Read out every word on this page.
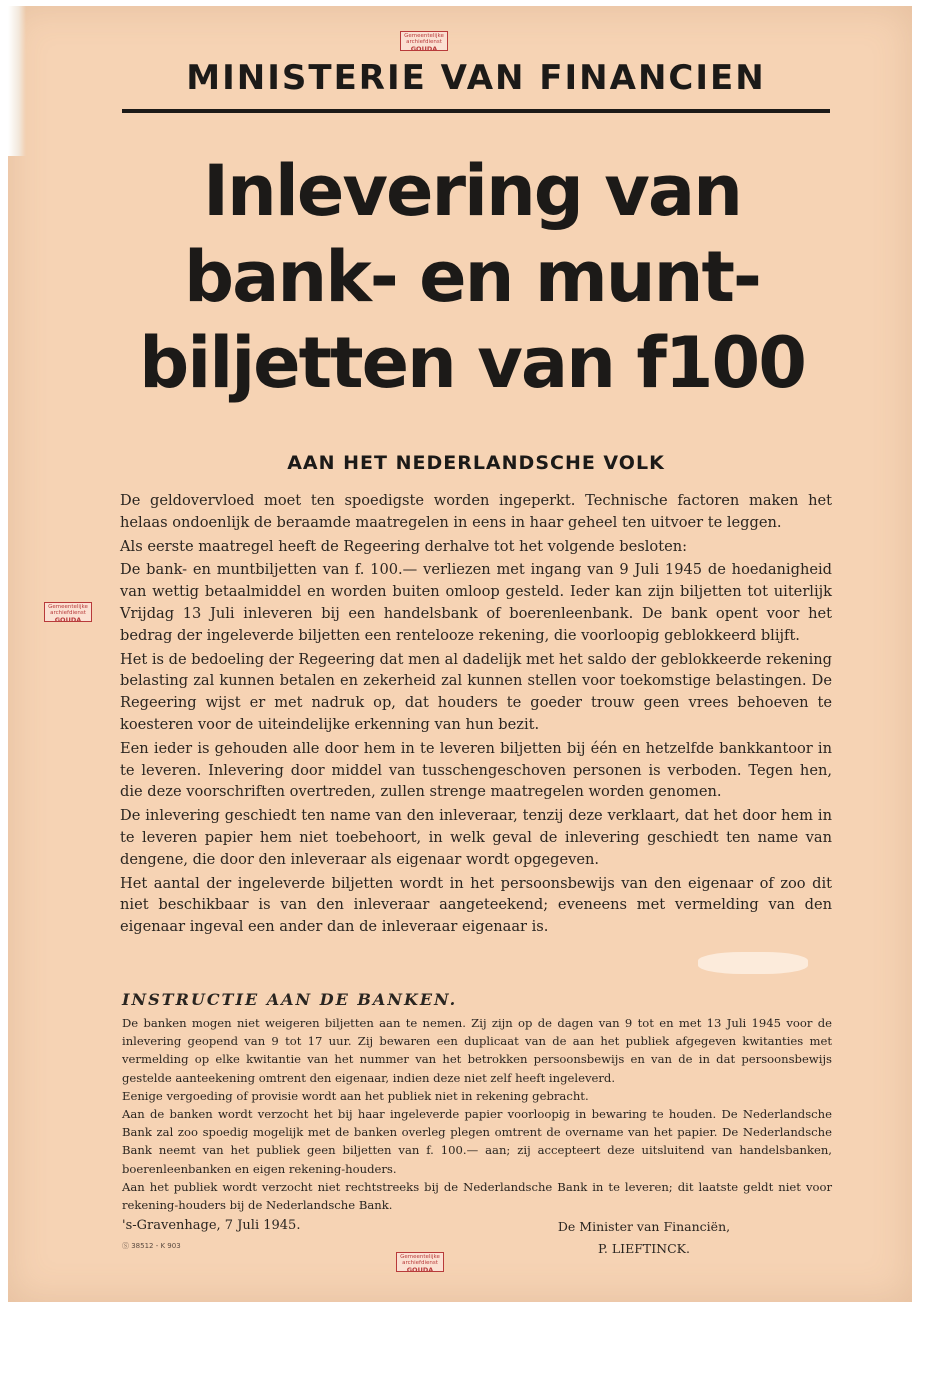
MINISTERIE VAN FINANCIEN
Inlevering van
bank- en munt-
biljetten van f100
AAN HET NEDERLANDSCHE VOLK

De geldovervloed moet ten spoedigste worden ingeperkt. Technische factoren maken het helaas ondoenlijk de beraamde maatregelen in eens in haar geheel ten uitvoer te leggen.

Als eerste maatregel heeft de Regeering derhalve tot het volgende besloten:

De bank- en muntbiljetten van f. 100.— verliezen met ingang van 9 Juli 1945 de hoedanigheid van wettig betaalmiddel en worden buiten omloop gesteld. Ieder kan zijn biljetten tot uiterlijk Vrijdag 13 Juli inleveren bij een handelsbank of boerenleenbank. De bank opent voor het bedrag der ingeleverde biljetten een rentelooze rekening, die voorloopig geblokkeerd blijft.

Het is de bedoeling der Regeering dat men al dadelijk met het saldo der geblokkeerde rekening belasting zal kunnen betalen en zekerheid zal kunnen stellen voor toekomstige belastingen. De Regeering wijst er met nadruk op, dat houders te goeder trouw geen vrees behoeven te koesteren voor de uiteindelijke erkenning van hun bezit.

Een ieder is gehouden alle door hem in te leveren biljetten bij één en hetzelfde bankkantoor in te leveren. Inlevering door middel van tusschengeschoven personen is verboden. Tegen hen, die deze voorschriften overtreden, zullen strenge maatregelen worden genomen.

De inlevering geschiedt ten name van den inleveraar, tenzij deze verklaart, dat het door hem in te leveren papier hem niet toebehoort, in welk geval de inlevering geschiedt ten name van dengene, die door den inleveraar als eigenaar wordt opgegeven.

Het aantal der ingeleverde biljetten wordt in het persoonsbewijs van den eigenaar of zoo dit niet beschikbaar is van den inleveraar aangeteekend; eveneens met vermelding van den eigenaar ingeval een ander dan de inleveraar eigenaar is.

INSTRUCTIE AAN DE BANKEN.

De banken mogen niet weigeren biljetten aan te nemen. Zij zijn op de dagen van 9 tot en met 13 Juli 1945 voor de inlevering geopend van 9 tot 17 uur. Zij bewaren een duplicaat van de aan het publiek afgegeven kwitanties met vermelding op elke kwitantie van het nummer van het betrokken persoonsbewijs en van de in dat persoonsbewijs gestelde aanteekening omtrent den eigenaar, indien deze niet zelf heeft ingeleverd.

Eenige vergoeding of provisie wordt aan het publiek niet in rekening gebracht.

Aan de banken wordt verzocht het bij haar ingeleverde papier voorloopig in bewaring te houden. De Nederlandsche Bank zal zoo spoedig mogelijk met de banken overleg plegen omtrent de overname van het papier. De Nederlandsche Bank neemt van het publiek geen biljetten van f. 100.— aan; zij accepteert deze uitsluitend van handelsbanken, boerenleenbanken en eigen rekening-houders.

Aan het publiek wordt verzocht niet rechtstreeks bij de Nederlandsche Bank in te leveren; dit laatste geldt niet voor rekening-houders bij de Nederlandsche Bank.

's-Gravenhage, 7 Juli 1945.
Ⓢ 38512 - K 903
De Minister van Financiën,
P. LIEFTINCK.
Gemeentelijke
archiefdienst
GOUDA
Gemeentelijke
archiefdienst
GOUDA
Gemeentelijke
archiefdienst
GOUDA
